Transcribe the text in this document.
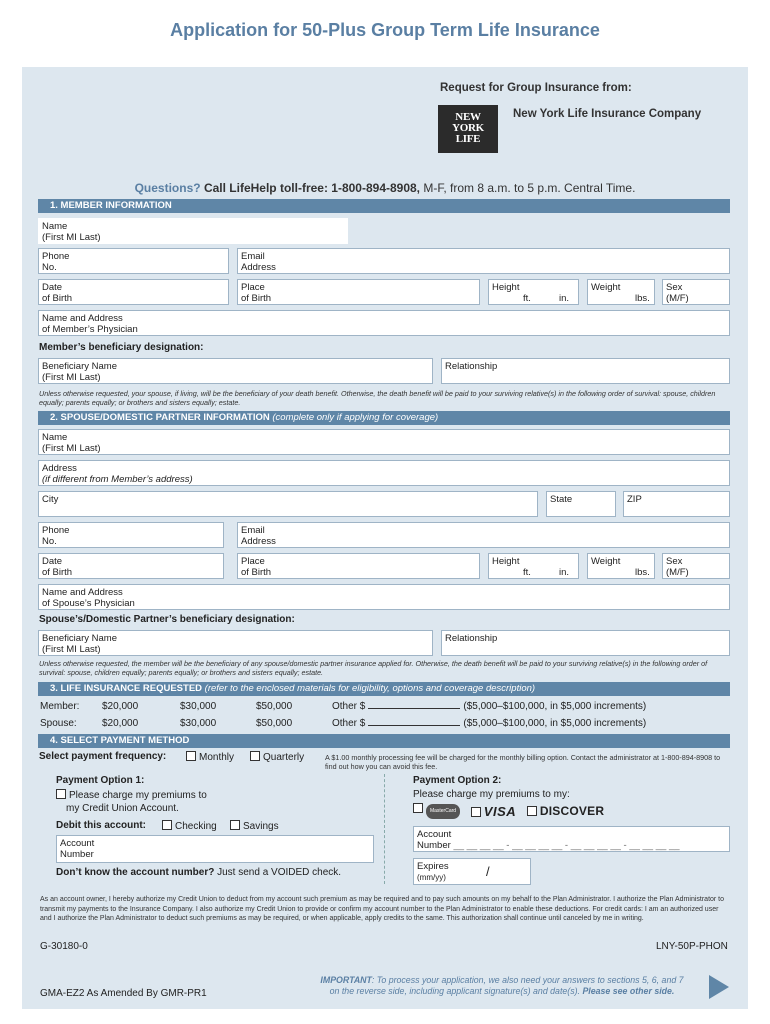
Application for 50-Plus Group Term Life Insurance
Request for Group Insurance from:
NEW
YORK
LIFE
New York Life Insurance Company
Questions? Call LifeHelp toll-free: 1-800-894-8908, M-F, from 8 a.m. to 5 p.m. Central Time.
1. MEMBER INFORMATION
Name
(First MI Last)
Phone
No.
Email
Address
Date
of Birth
Place
of Birth
Height
ft.	in.
Weight
lbs.
Sex
(M/F)
Name and Address
of Member’s Physician
Member’s beneficiary designation:
Beneficiary Name
(First MI Last)
Relationship
Unless otherwise requested, your spouse, if living, will be the beneficiary of your death benefit. Otherwise, the death benefit will be paid to your surviving relative(s) in the following order of survival: spouse, children equally; parents equally; or brothers and sisters equally; estate.
2. SPOUSE/DOMESTIC PARTNER INFORMATION (complete only if applying for coverage)
Name
(First MI Last)
Address
(if different from Member’s address)
City	State	ZIP
Phone
No.
Email
Address
Date
of Birth
Place
of Birth
Height
ft.	in.
Weight
lbs.
Sex
(M/F)
Name and Address
of Spouse’s Physician
Spouse’s/Domestic Partner’s beneficiary designation:
Beneficiary Name
(First MI Last)
Relationship
Unless otherwise requested, the member will be the beneficiary of any spouse/domestic partner insurance applied for. Otherwise, the death benefit will be paid to your surviving relative(s) in the following order of survival: spouse, children equally; parents equally; or brothers and sisters equally; estate.
3. LIFE INSURANCE REQUESTED (refer to the enclosed materials for eligibility, options and coverage description)
Member: $20,000	$30,000	$50,000	Other $	($5,000–$100,000, in $5,000 increments)
Spouse:	$20,000	$30,000	$50,000	Other $	($5,000–$100,000, in $5,000 increments)
4. SELECT PAYMENT METHOD
Select payment frequency:	Monthly	Quarterly	A $1.00 monthly processing fee will be charged for the monthly billing option. Contact the administrator at 1-800-894-8908 to find out how you can avoid this fee.
Payment Option 1:
Please charge my premiums to
my Credit Union Account.
Debit this account:	Checking	Savings
Account
Number
Don’t know the account number? Just send a VOIDED check.
Payment Option 2:
Please charge my premiums to my:
MasterCard VISA DISCOVER
Account
Number __ __ __ __ - __ __ __ __ - __ __ __ __ - __ __ __ __
Expires
(mm/yy)	/
As an account owner, I hereby authorize my Credit Union to deduct from my account such premium as may be required and to pay such amounts on my behalf to the Plan Administrator. I authorize the Plan Administrator to transmit my payments to the Insurance Company. I also authorize my Credit Union to provide or confirm my account number to the Plan Administrator to enable these deductions. For credit cards: I am an authorized user and I authorize the Plan Administrator to deduct such premiums as may be required, or when applicable, apply credits to the same. This authorization shall continue until canceled by me in writing.
G-30180-0	LNY-50P-PHON
GMA-EZ2 As Amended By GMR-PR1
IMPORTANT: To process your application, we also need your answers to sections 5, 6, and 7
on the reverse side, including applicant signature(s) and date(s). Please see other side.
